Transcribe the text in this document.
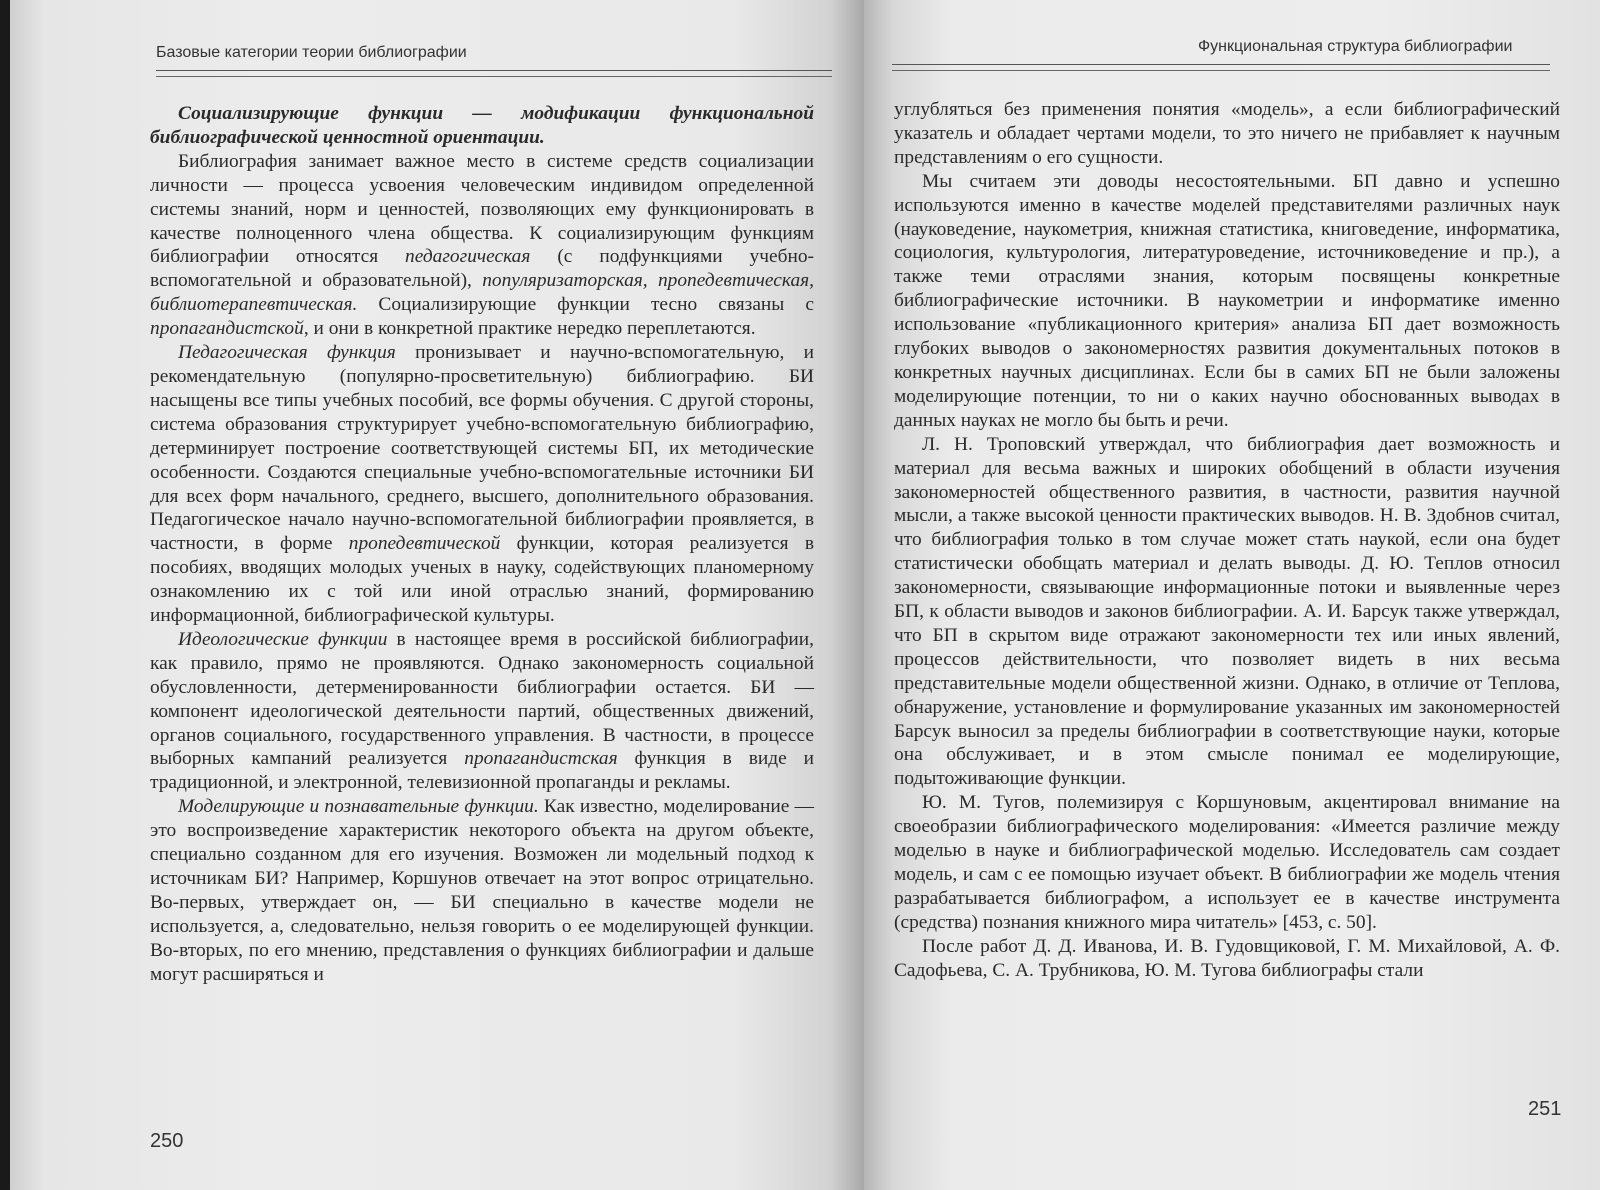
Базовые категории теории библиографии

Социализирующие функции — модификации функциональной библиографической ценностной ориентации.

Библиография занимает важное место в системе средств социализации личности — процесса усвоения человеческим индивидом определенной системы знаний, норм и ценностей, позволяющих ему функционировать в качестве полноценного члена общества. К социализирующим функциям библиографии относятся педагогическая (с подфункциями учебно-вспомогательной и образовательной), популяризаторская, пропедевтическая, библиотерапевтическая. Социализирующие функции тесно связаны с пропагандистской, и они в конкретной практике нередко переплетаются.

Педагогическая функция пронизывает и научно-вспомогательную, и рекомендательную (популярно-просветительную) библиографию. БИ насыщены все типы учебных пособий, все формы обучения. С другой стороны, система образования структурирует учебно-вспомогательную библиографию, детерминирует построение соответствующей системы БП, их методические особенности. Создаются специальные учебно-вспомогательные источники БИ для всех форм начального, среднего, высшего, дополнительного образования. Педагогическое начало научно-вспомогательной библиографии проявляется, в частности, в форме пропедевтической функции, которая реализуется в пособиях, вводящих молодых ученых в науку, содействующих планомерному ознакомлению их с той или иной отраслью знаний, формированию информационной, библиографической культуры.

Идеологические функции в настоящее время в российской библиографии, как правило, прямо не проявляются. Однако закономерность социальной обусловленности, детерменированности библиографии остается. БИ — компонент идеологической деятельности партий, общественных движений, органов социального, государственного управления. В частности, в процессе выборных кампаний реализуется пропагандистская функция в виде и традиционной, и электронной, телевизионной пропаганды и рекламы.

Моделирующие и познавательные функции. Как известно, моделирование — это воспроизведение характеристик некоторого объекта на другом объекте, специально созданном для его изучения. Возможен ли модельный подход к источникам БИ? Например, Коршунов отвечает на этот вопрос отрицательно. Во-первых, утверждает он, — БИ специально в качестве модели не используется, а, следовательно, нельзя говорить о ее моделирующей функции. Во-вторых, по его мнению, представления о функциях библиографии и дальше могут расширяться и

250
Функциональная структура библиографии

углубляться без применения понятия «модель», а если библиографический указатель и обладает чертами модели, то это ничего не прибавляет к научным представлениям о его сущности.

Мы считаем эти доводы несостоятельными. БП давно и успешно используются именно в качестве моделей представителями различных наук (науковедение, наукометрия, книжная статистика, книговедение, информатика, социология, культурология, литературоведение, источниковедение и пр.), а также теми отраслями знания, которым посвящены конкретные библиографические источники. В наукометрии и информатике именно использование «публикационного критерия» анализа БП дает возможность глубоких выводов о закономерностях развития документальных потоков в конкретных научных дисциплинах. Если бы в самих БП не были заложены моделирующие потенции, то ни о каких научно обоснованных выводах в данных науках не могло бы быть и речи.

Л. Н. Троповский утверждал, что библиография дает возможность и материал для весьма важных и широких обобщений в области изучения закономерностей общественного развития, в частности, развития научной мысли, а также высокой ценности практических выводов. Н. В. Здобнов считал, что библиография только в том случае может стать наукой, если она будет статистически обобщать материал и делать выводы. Д. Ю. Теплов относил закономерности, связывающие информационные потоки и выявленные через БП, к области выводов и законов библиографии. А. И. Барсук также утверждал, что БП в скрытом виде отражают закономерности тех или иных явлений, процессов действительности, что позволяет видеть в них весьма представительные модели общественной жизни. Однако, в отличие от Теплова, обнаружение, установление и формулирование указанных им закономерностей Барсук выносил за пределы библиографии в соответствующие науки, которые она обслуживает, и в этом смысле понимал ее моделирующие, подытоживающие функции.

Ю. М. Тугов, полемизируя с Коршуновым, акцентировал внимание на своеобразии библиографического моделирования: «Имеется различие между моделью в науке и библиографической моделью. Исследователь сам создает модель, и сам с ее помощью изучает объект. В библиографии же модель чтения разрабатывается библиографом, а использует ее в качестве инструмента (средства) познания книжного мира читатель» [453, с. 50].

После работ Д. Д. Иванова, И. В. Гудовщиковой, Г. М. Михайловой, А. Ф. Садофьева, С. А. Трубникова, Ю. М. Тугова библиографы стали

251
